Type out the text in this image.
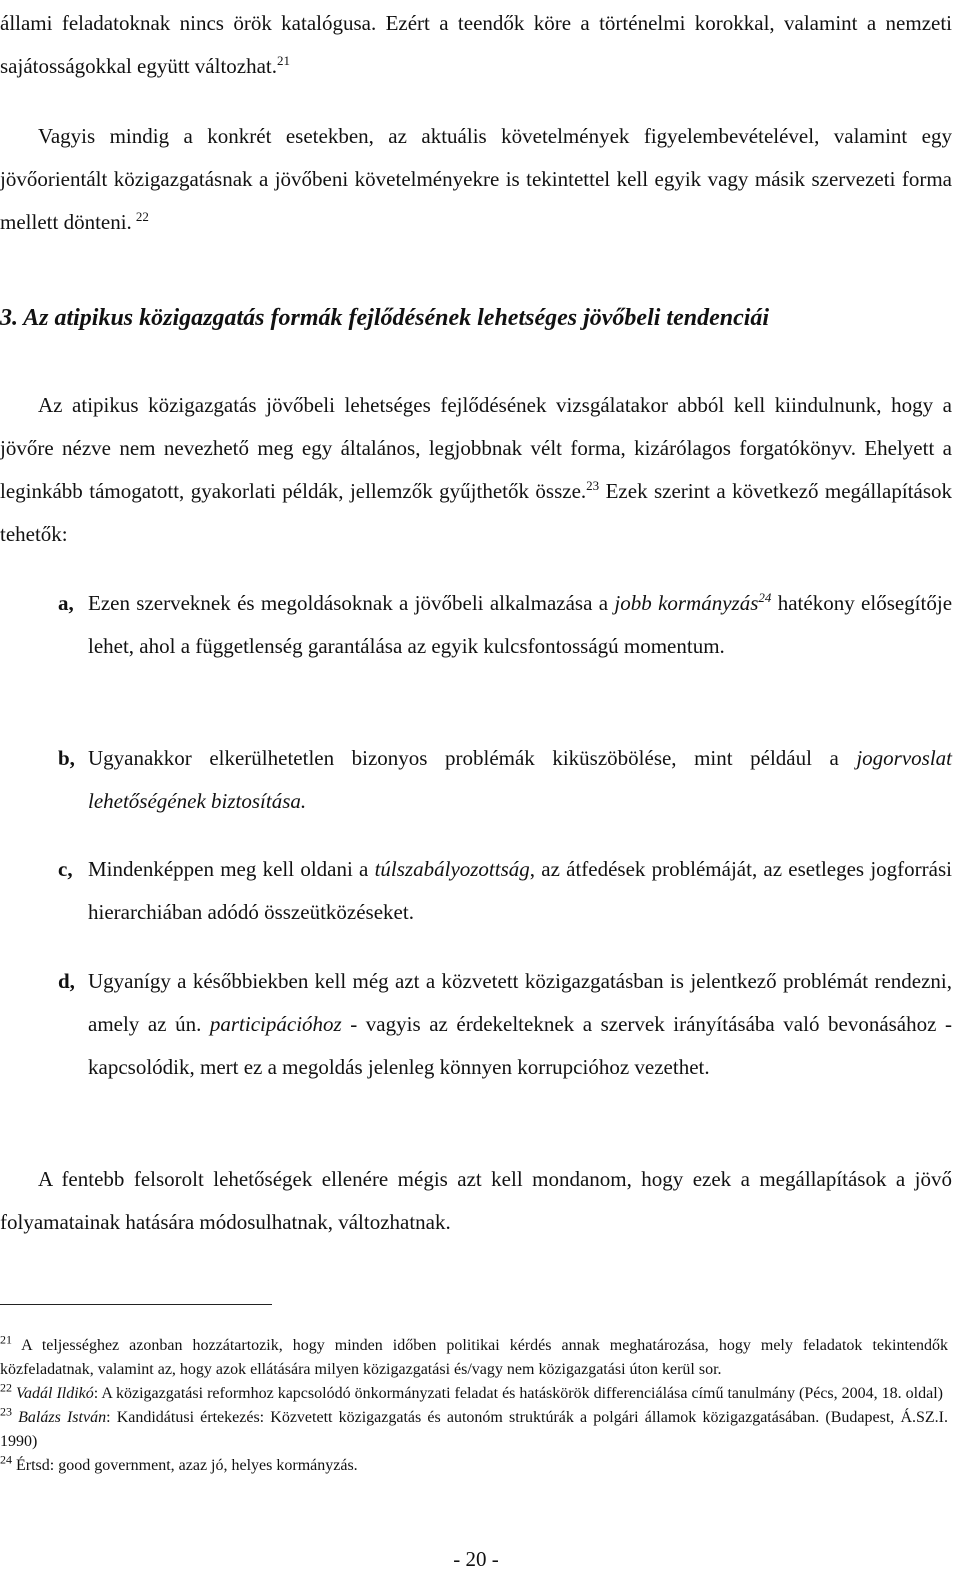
állami feladatoknak nincs örök katalógusa. Ezért a teendők köre a történelmi korokkal, valamint a nemzeti sajátosságokkal együtt változhat.$^{21}$

Vagyis mindig a konkrét esetekben, az aktuális követelmények figyelembevételével, valamint egy jövőorientált közigazgatásnak a jövőbeni követelményekre is tekintettel kell egyik vagy másik szervezeti forma mellett dönteni. $^{22}$

3. Az atipikus közigazgatás formák fejlődésének lehetséges jövőbeli tendenciái

Az atipikus közigazgatás jövőbeli lehetséges fejlődésének vizsgálatakor abból kell kiindulnunk, hogy a jövőre nézve nem nevezhető meg egy általános, legjobbnak vélt forma, kizárólagos forgatókönyv. Ehelyett a leginkább támogatott, gyakorlati példák, jellemzők gyűjthetők össze.$^{23}$ Ezek szerint a következő megállapítások tehetők:

a, Ezen szerveknek és megoldásoknak a jövőbeli alkalmazása a jobb kormányzás$^{24}$ hatékony elősegítője lehet, ahol a függetlenség garantálása az egyik kulcsfontosságú momentum.

b, Ugyanakkor elkerülhetetlen bizonyos problémák kiküszöbölése, mint például a jogorvoslat lehetőségének biztosítása.

c, Mindenképpen meg kell oldani a túlszabályozottság, az átfedések problémáját, az esetleges jogforrási hierarchiában adódó összeütközéseket.

d, Ugyanígy a későbbiekben kell még azt a közvetett közigazgatásban is jelentkező problémát rendezni, amely az ún. participációhoz - vagyis az érdekelteknek a szervek irányításába való bevonásához - kapcsolódik, mert ez a megoldás jelenleg könnyen korrupcióhoz vezethet.

A fentebb felsorolt lehetőségek ellenére mégis azt kell mondanom, hogy ezek a megállapítások a jövő folyamatainak hatására módosulhatnak, változhatnak.

$^{21}$ A teljességhez azonban hozzátartozik, hogy minden időben politikai kérdés annak meghatározása, hogy mely feladatok tekintendők közfeladatnak, valamint az, hogy azok ellátására milyen közigazgatási és/vagy nem közigazgatási úton kerül sor.

$^{22}$ Vadál Ildikó: A közigazgatási reformhoz kapcsolódó önkormányzati feladat és hatáskörök differenciálása című tanulmány (Pécs, 2004, 18. oldal)

$^{23}$ Balázs István: Kandidátusi értekezés: Közvetett közigazgatás és autonóm struktúrák a polgári államok közigazgatásában. (Budapest, Á.SZ.I. 1990)

$^{24}$ Értsd: good government, azaz jó, helyes kormányzás.

- 20 -
